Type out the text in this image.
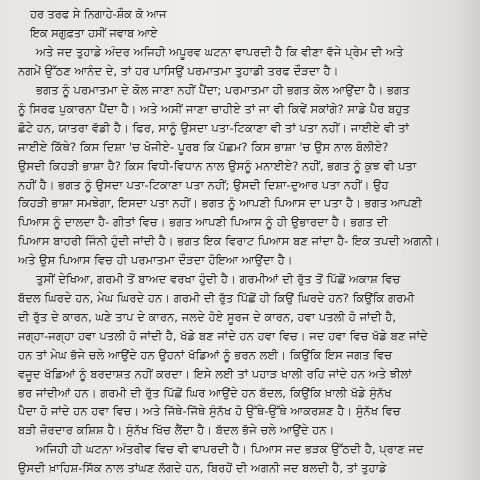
ਹਰ ਤਰਫ ਸੇ ਨਿਗਾਹੇ-ਸ਼ੌਕ ਕੋ ਆਜ
ਇਕ ਸਗੁਫ਼ਤਾ ਹਸੀਂ ਜਵਾਬ ਆਏ
ਅਤੇ ਜਦ ਤੁਹਾਡੇ ਅੰਦਰ ਅਜਿਹੀ ਅਪੂਰਵ ਘਟਨਾ ਵਾਪਰਦੀ ਹੈ ਕਿ ਵੀਣਾ ਵੱਜੇ ਪ੍ਰੇਮ ਦੀ ਅਤੇ
ਨਗਮੇਂ ਉੱਠਣ ਆਨੰਦ ਦੇ, ਤਾਂ ਹਰ ਪਾਸਿਉਂ ਪਰਮਾਤਮਾ ਤੁਹਾਡੀ ਤਰਫ ਦੌੜਦਾ ਹੈ।
ਭਗਤ ਨੂੰ ਪਰਮਾਤਮਾ ਦੇ ਕੋਲ ਜਾਣਾ ਨਹੀਂ ਪੈਂਦਾ; ਪਰਮਾਤਮਾ ਹੀ ਭਗਤ ਕੋਲ ਆਉਂਦਾ ਹੈ। ਭਗਤ
ਨੂੰ ਸਿਰਫ ਪੁਕਾਰਨਾ ਪੈਂਦਾ ਹੈ। ਅਤੇ ਅਸੀਂ ਜਾਣਾ ਚਾਹੀਏ ਤਾਂ ਜਾ ਵੀ ਕਿਵੇਂ ਸਕਾਂਗੇ? ਸਾਡੇ ਪੈਰ ਬਹੁਤ
ਛੋਟੇ ਹਨ, ਯਾਤਰਾ ਵੱਡੀ ਹੈ। ਫਿਰ, ਸਾਨੂੰ ਉਸਦਾ ਪਤਾ-ਟਿਕਾਣਾ ਵੀ ਤਾਂ ਪਤਾ ਨਹੀਂ। ਜਾਈਏ ਵੀ ਤਾਂ
ਜਾਈਏ ਕਿੱਥੇ? ਕਿਸ ਦਿਸ਼ਾ 'ਚ ਖੋਜੀਏ- ਪੂਰਬ ਕਿ ਪੱਛਮ? ਕਿਸ ਭਾਸ਼ਾ 'ਚ ਉਸ ਨਾਲ ਬੋਲੀਏ?
ਉਸਦੀ ਕਿਹੜੀ ਭਾਸ਼ਾ ਹੈ? ਕਿਸ ਵਿਧੀ-ਵਿਧਾਨ ਨਾਲ ਉਸਨੂੰ ਮਨਾਈਏ? ਨਹੀਂ, ਭਗਤ ਨੂੰ ਕੁਝ ਵੀ ਪਤਾ
ਨਹੀਂ ਹੈ। ਭਗਤ ਨੂੰ ਉਸਦਾ ਪਤਾ-ਟਿਕਾਣਾ ਪਤਾ ਨਹੀਂ; ਉਸਦੀ ਦਿਸ਼ਾ-ਦੁਆਰ ਪਤਾ ਨਹੀਂ। ਉਹ
ਕਿਹੜੀ ਭਾਸ਼ਾ ਸਮਝੇਗਾ, ਇਸਦਾ ਪਤਾ ਨਹੀਂ। ਭਗਤ ਨੂੰ ਆਪਣੀ ਪਿਆਸ ਦਾ ਪਤਾ ਹੈ। ਭਗਤ ਆਪਣੀ
ਪਿਆਸ ਨੂੰ ਦਾਲਦਾ ਹੈ- ਗੀਤਾਂ ਵਿਚ। ਭਗਤ ਆਪਣੀ ਪਿਆਸ ਨੂੰ ਹੀ ਉਭਾਰਦਾ ਹੈ। ਭਗਤ ਦੀ
ਪਿਆਸ ਬਾਹਰੀ ਜਿੰਨੀ ਹੁੰਦੀ ਜਾਂਦੀ ਹੈ। ਭਗਤ ਇਕ ਵਿਰਾਟ ਪਿਆਸ ਬਣ ਜਾਂਦਾ ਹੈ- ਇਕ ਤਪਦੀ ਅਗਨੀ।
ਅਤੇ ਉਸ ਪਿਆਸ ਵਿਚ ਹੀ ਪਰਮਾਤਮਾ ਦੌੜਦਾ ਹੋਇਆ ਆਉਂਦਾ ਹੈ।
ਤੁਸੀਂ ਦੇਖਿਆ, ਗਰਮੀ ਤੋਂ ਬਾਅਦ ਵਰਖਾ ਹੁੰਦੀ ਹੈ। ਗਰਮੀਆਂ ਦੀ ਰੁੱਤ ਤੋਂ ਪਿੱਛੋਂ ਅਕਾਸ਼ ਵਿਚ
ਬੱਦਲ ਘਿਰਦੇ ਹਨ, ਮੇਘ ਘਿਰਦੇ ਹਨ। ਗਰਮੀ ਦੀ ਰੁੱਤ ਪਿੱਛੋਂ ਹੀ ਕਿਉਂ ਘਿਰਦੇ ਹਨ? ਕਿਉਂਕਿ ਗਰਮੀ
ਦੀ ਰੁੱਤ ਦੇ ਕਾਰਨ, ਘਣੇ ਤਾਪ ਦੇ ਕਾਰਨ, ਜਲਦੇ ਹੋਏ ਸੂਰਜ ਦੇ ਕਾਰਨ, ਹਵਾ ਪਤਲੀ ਹੋ ਜਾਂਦੀ ਹੈ,
ਜਗ੍ਹਾ-ਜਗ੍ਹਾ ਹਵਾ ਪਤਲੀ ਹੋ ਜਾਂਦੀ ਹੈ, ਖੱਡੇ ਬਣ ਜਾਂਦੇ ਹਨ ਹਵਾ ਵਿਚ। ਜਦ ਹਵਾ ਵਿਚ ਖੱਡੇ ਬਣ ਜਾਂਦੇ
ਹਨ ਤਾਂ ਮੇਘ ਭੱਜੇ ਚਲੇ ਆਉਂਦੇ ਹਨ ਉਹਨਾਂ ਖੱਡਿਆਂ ਨੂੰ ਭਰਨ ਲਈ। ਕਿਉਂਕਿ ਇਸ ਜਗਤ ਵਿਚ
ਵਜੂਦ ਖੱਡਿਆਂ ਨੂੰ ਬਰਦਾਸ਼ਤ ਨਹੀਂ ਕਰਦਾ। ਇਸੇ ਲਈ ਤਾਂ ਪਹਾੜ ਖਾਲੀ ਰਹਿ ਜਾਂਦੇ ਹਨ ਅਤੇ ਝੀਲਾਂ
ਭਰ ਜਾਂਦੀਆਂ ਹਨ। ਗਰਮੀ ਦੀ ਰੁੱਤ ਪਿੱਛੋਂ ਘਿਰ ਆਉਂਦੇ ਹਨ ਬੱਦਲ, ਕਿਉਂਕਿ ਖ਼ਾਲੀ ਖੱਡੇ ਸੁੰਨੱਖ
ਪੈਦਾ ਹੋ ਜਾਂਦੇ ਹਨ ਹਵਾ ਵਿਚ। ਅਤੇ ਜਿੱਥੇ-ਜਿੱਥੇ ਸੁੰਨੱਖ ਹੋ ਉੱਥੇ-ਉੱਥੇ ਆਕਰਸ਼ਣ ਹੈ। ਸੁੰਨੱਖ ਵਿਚ
ਬੜੀ ਜ਼ੋਰਦਾਰ ਕਸ਼ਿਸ਼ ਹੈ। ਸੁੰਨੱਖ ਖਿੱਚ ਲੈਂਦਾ ਹੈ। ਬੱਦਲ ਭੱਜੇ ਚਲੇ ਆਉਂਦੇ ਹਨ।
ਅਜਿਹੀ ਹੀ ਘਟਨਾ ਅੰਤਰੀਵ ਵਿਚ ਵੀ ਵਾਪਰਦੀ ਹੈ। ਪਿਆਸ ਜਦ ਭੜਕ ਉੱਠਦੀ ਹੈ, ਪ੍ਰਾਣ ਜਦ
ਉਸਦੀ ਖ਼ਾਹਿਸ਼-ਸਿੱਕ ਨਾਲ ਤਾਂਘਣ ਲੱਗਦੇ ਹਨ, ਬਿਰਹੋਂ ਦੀ ਅਗਨੀ ਜਦ ਬਲਦੀ ਹੈ, ਤਾਂ ਤੁਹਾਡੇ
